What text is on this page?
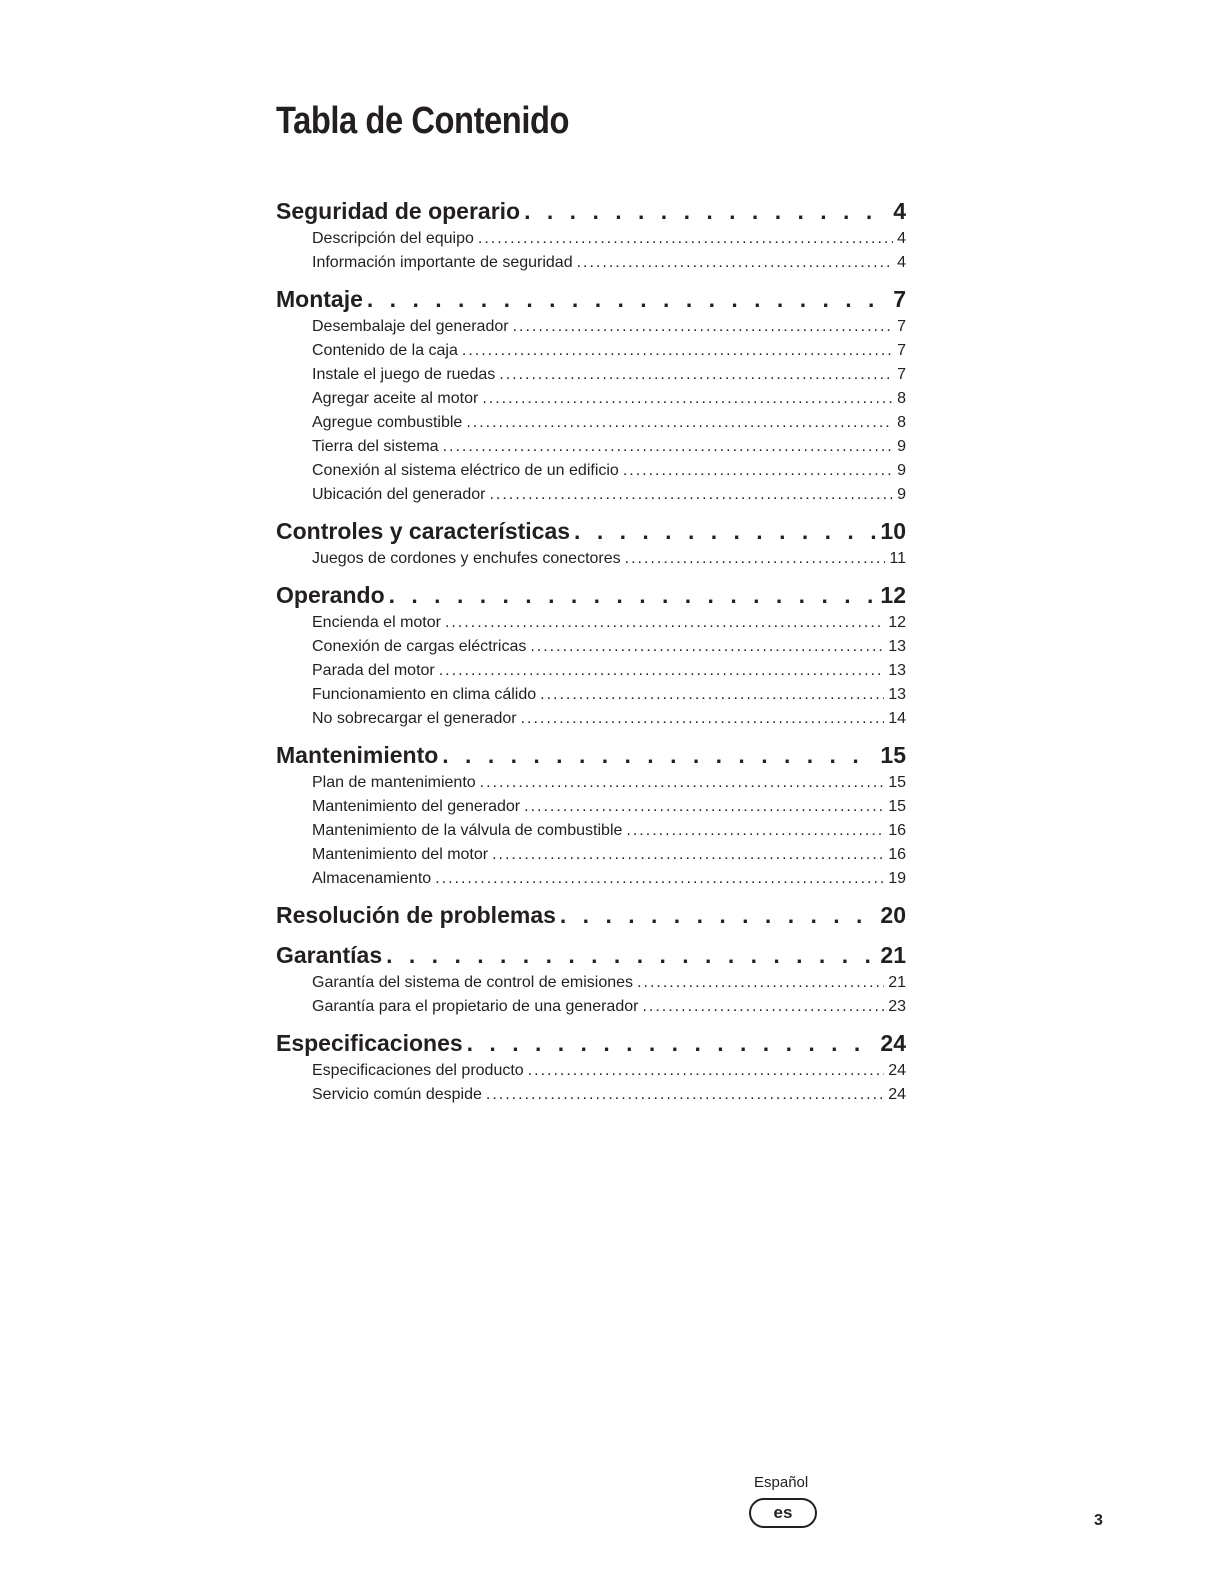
Tabla de Contenido
Seguridad de operario . . .	4
Descripción del equipo .....	4
Información importante de seguridad .....	4
Montaje . . .	7
Desembalaje del generador .....	7
Contenido de la caja .....	7
Instale el juego de ruedas .....	7
Agregar aceite al motor .....	8
Agregue combustible .....	8
Tierra del sistema .....	9
Conexión al sistema eléctrico de un edificio .....	9
Ubicación del generador .....	9
Controles y características . . .	10
Juegos de cordones y enchufes conectores .....	11
Operando . . .	12
Encienda el motor .....	12
Conexión de cargas eléctricas .....	13
Parada del motor .....	13
Funcionamiento en clima cálido .....	13
No sobrecargar el generador .....	14
Mantenimiento . . .	15
Plan de mantenimiento .....	15
Mantenimiento del generador .....	15
Mantenimiento de la válvula de combustible .....	16
Mantenimiento del motor .....	16
Almacenamiento .....	19
Resolución de problemas . . .	20
Garantías . . .	21
Garantía del sistema de control de emisiones .....	21
Garantía para el propietario de una generador .....	23
Especificaciones . . .	24
Especificaciones del producto .....	24
Servicio común despide .....	24
Español
es	3
